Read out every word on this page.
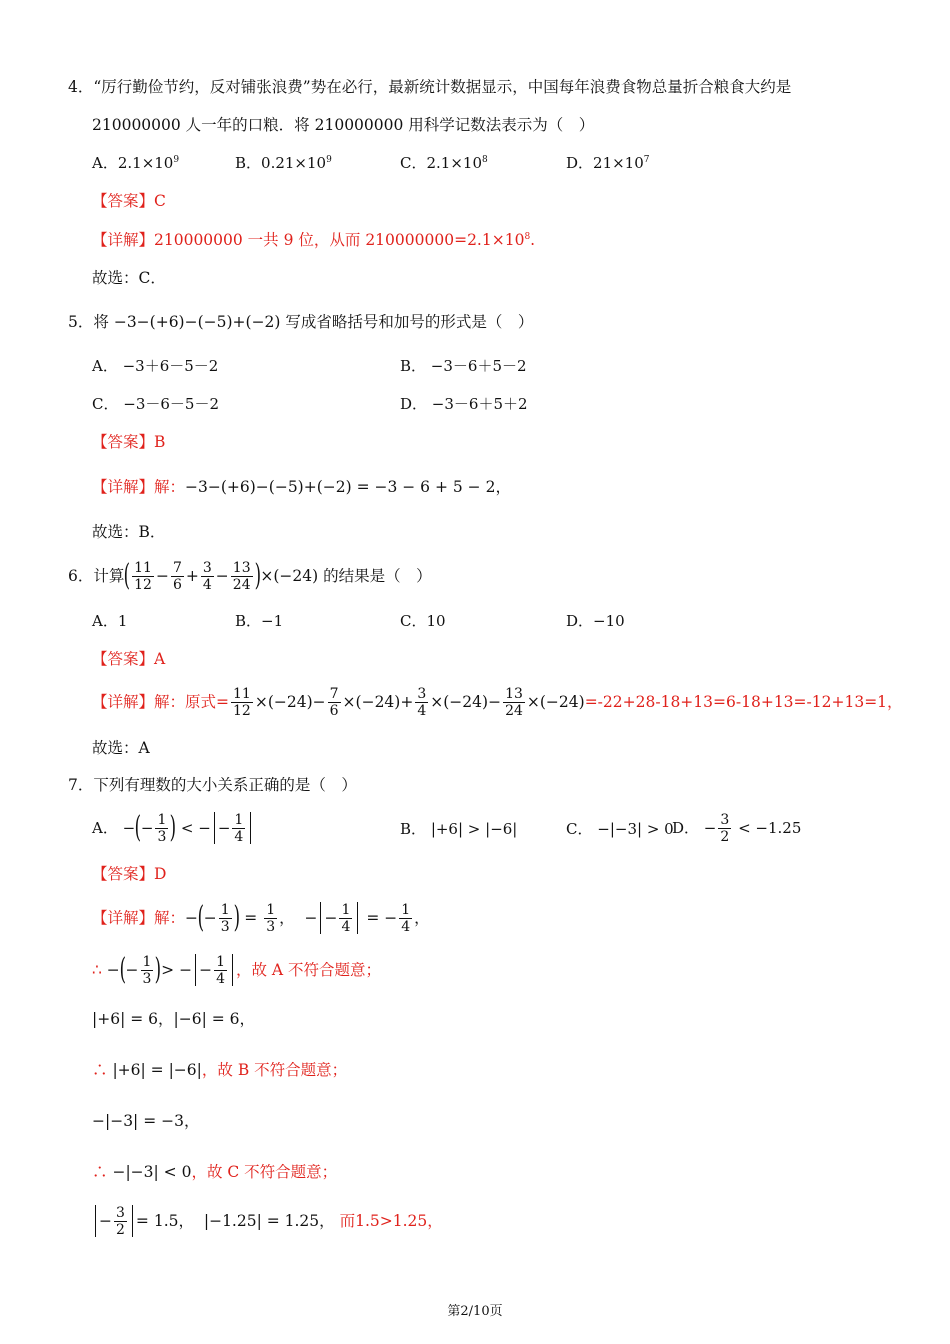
4．“厉行勤俭节约，反对铺张浪费”势在必行，最新统计数据显示，中国每年浪费食物总量折合粮食大约是
210000000 人一年的口粮．将 210000000 用科学记数法表示为（　）
A．$2.1\times 10^9$	B．$0.21\times 10^9$	C．$2.1\times 10^8$	D．$21\times 10^7$
【答案】C
【详解】210000000 一共 9 位，从而 $210000000=2.1\times 10^8$.
故选：C．
5．将 −3−(+6)−(−5)+(−2) 写成省略括号和加号的形式是（　）
A． −3＋6－5－2	B． −3－6＋5－2
C． −3－6－5－2	D． −3－6＋5＋2
【答案】B
【详解】解：−3−(+6)−(−5)+(−2) = −3 − 6 + 5 − 2，
故选：B．
6． 计算 ( $\frac{11}{12} - \frac{7}{6} + \frac{3}{4} - \frac{13}{24}$ ) ×(−24)
的结果是（　）
A．1	B．−1	C．10	D．−10
【答案】A
【详解】解：原式= $\frac{11}{12} \times(-24) - \frac{7}{6} \times(-24) + \frac{3}{4} \times(-24) - \frac{13}{24} \times(-24) =-22+28-18+13=6-18+13=-12+13=1$，
故选：A
7．下列有理数的大小关系正确的是（　）
A． − ( − $\frac{1}{3}$ ) < − − $\frac{1}{4}$	B． |+6| > |−6|	C． −|−3| > 0
D． − $\frac{3}{2}$
< −1.25
【答案】D
【详解】解： − ( − $\frac{1}{3}$ ) = $\frac{1}{3}$ ，  − − $\frac{1}{4}$ = − $\frac{1}{4}$ ，
∴ − ( − $\frac{1}{3}$ ) > − − $\frac{1}{4}$ ，故 A 不符合题意；
|+6| = 6，|−6| = 6，
∴ |+6| = |−6|，故 B 不符合题意；
−|−3| = −3，
∴ −|−3| < 0，故 C 不符合题意；
− $\frac{3}{2} = 1.5$，
|−1.25| = 1.25，
而1.5>1.25，
第2/10页
